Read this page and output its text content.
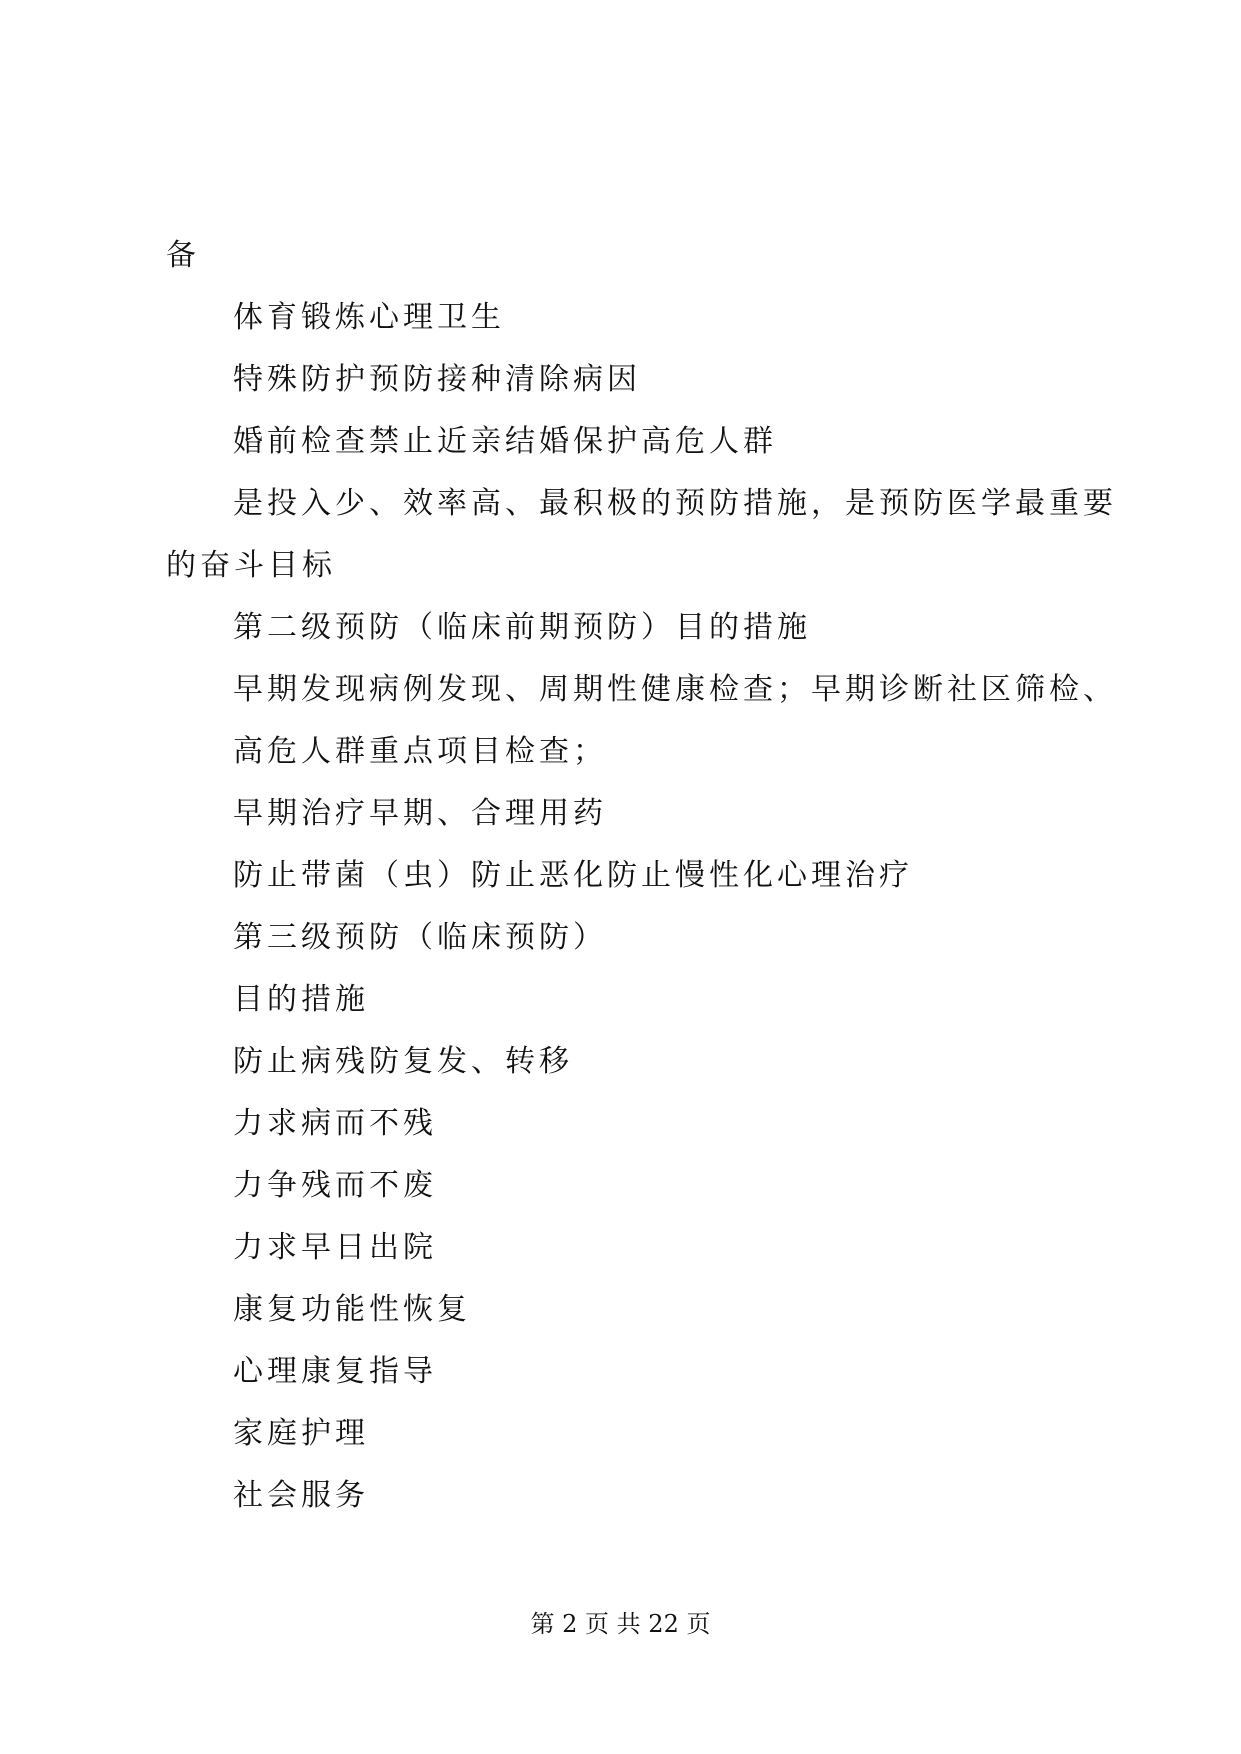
备
体育锻炼心理卫生
特殊防护预防接种清除病因
婚前检查禁止近亲结婚保护高危人群
是投入少、效率高、最积极的预防措施，是预防医学最重要
的奋斗目标
第二级预防（临床前期预防）目的措施
早期发现病例发现、周期性健康检查；早期诊断社区筛检、
高危人群重点项目检查；
早期治疗早期、合理用药
防止带菌（虫）防止恶化防止慢性化心理治疗
第三级预防（临床预防）
目的措施
防止病残防复发、转移
力求病而不残
力争残而不废
力求早日出院
康复功能性恢复
心理康复指导
家庭护理
社会服务
第 2 页 共 22 页
